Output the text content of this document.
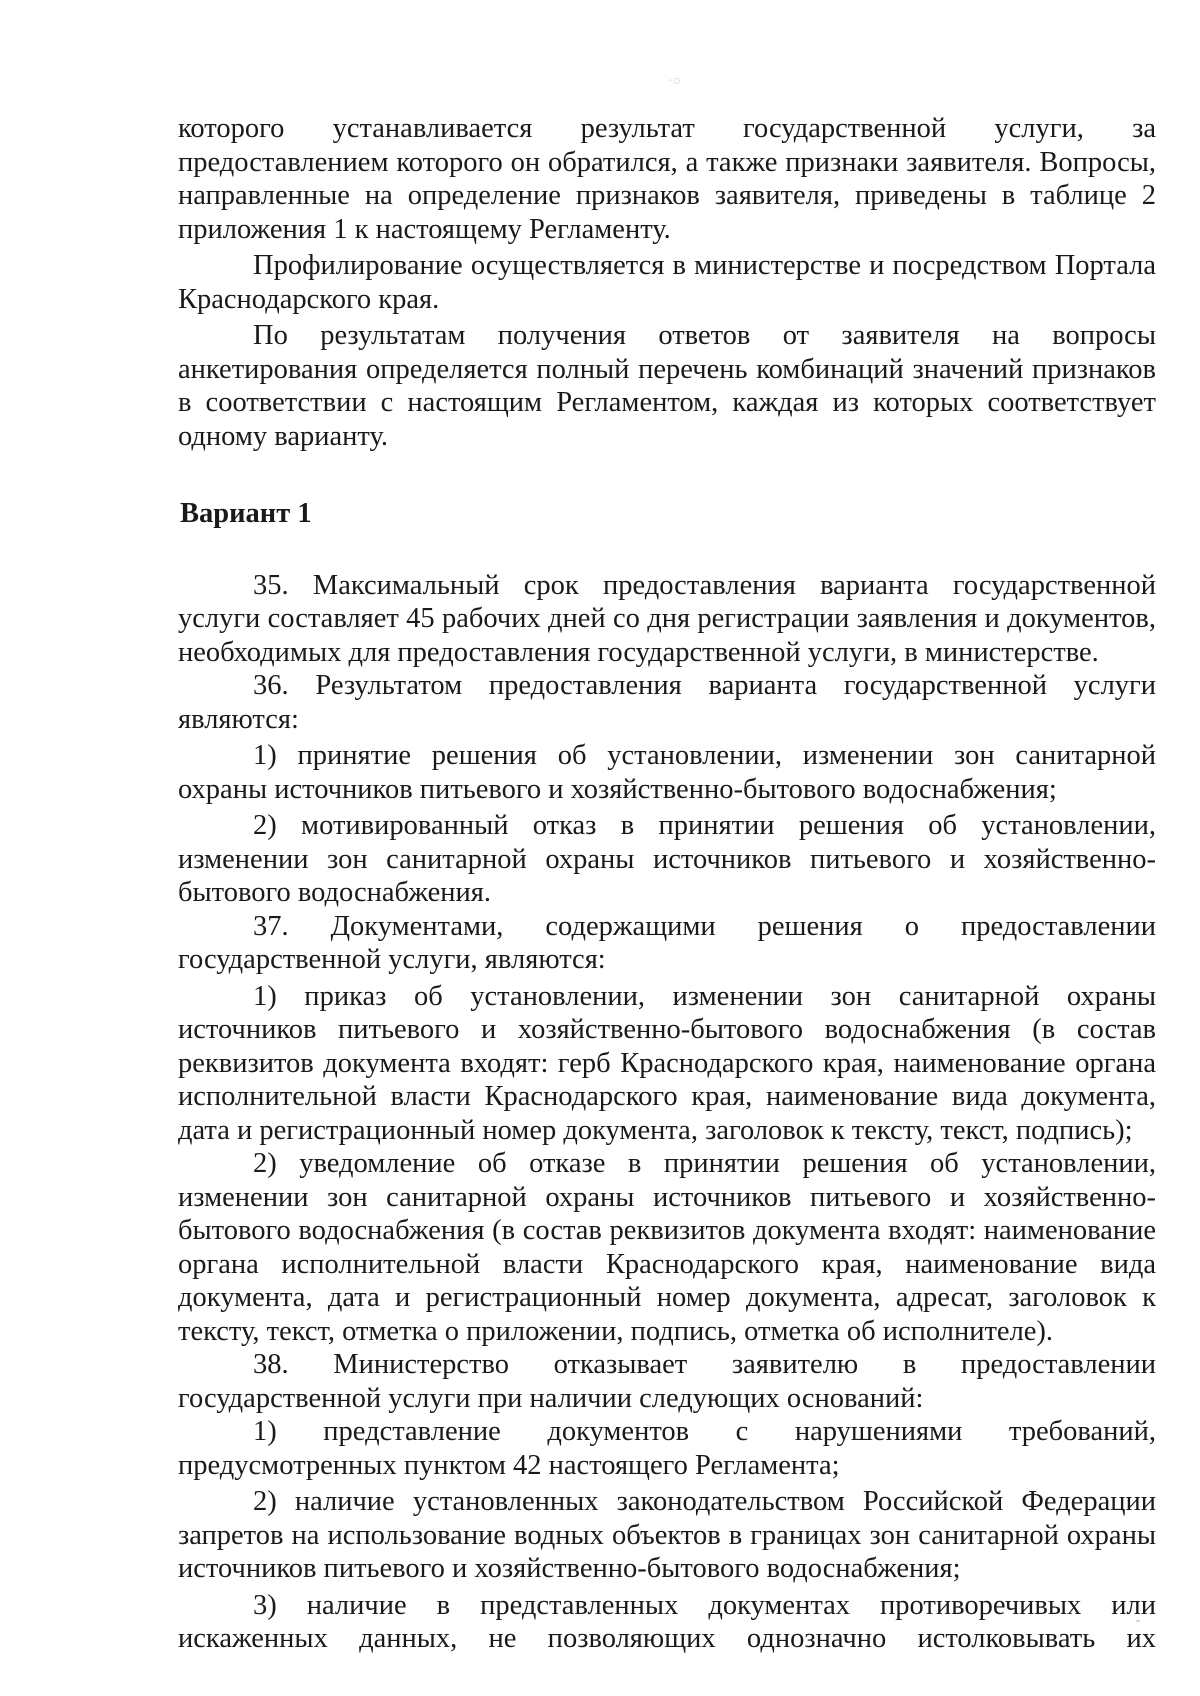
·○

которого устанавливается результат государственной услуги, за предоставлением которого он обратился, а также признаки заявителя. Вопросы, направленные на определение признаков заявителя, приведены в таблице 2 приложения 1 к настоящему Регламенту.

Профилирование осуществляется в министерстве и посредством Портала Краснодарского края.

По результатам получения ответов от заявителя на вопросы анкетирования определяется полный перечень комбинаций значений признаков в соответствии с настоящим Регламентом, каждая из которых соответствует одному варианту.

Вариант 1

35. Максимальный срок предоставления варианта государственной услуги составляет 45 рабочих дней со дня регистрации заявления и документов, необходимых для предоставления государственной услуги, в министерстве.

36. Результатом предоставления варианта государственной услуги являются:

1) принятие решения об установлении, изменении зон санитарной охраны источников питьевого и хозяйственно-бытового водоснабжения;

2) мотивированный отказ в принятии решения об установлении, изменении зон санитарной охраны источников питьевого и хозяйственно-бытового водоснабжения.

37. Документами, содержащими решения о предоставлении государственной услуги, являются:

1) приказ об установлении, изменении зон санитарной охраны источников питьевого и хозяйственно-бытового водоснабжения (в состав реквизитов документа входят: герб Краснодарского края, наименование органа исполнительной власти Краснодарского края, наименование вида документа, дата и регистрационный номер документа, заголовок к тексту, текст, подпись);

2) уведомление об отказе в принятии решения об установлении, изменении зон санитарной охраны источников питьевого и хозяйственно-бытового водоснабжения (в состав реквизитов документа входят: наименование органа исполнительной власти Краснодарского края, наименование вида документа, дата и регистрационный номер документа, адресат, заголовок к тексту, текст, отметка о приложении, подпись, отметка об исполнителе).

38. Министерство отказывает заявителю в предоставлении государственной услуги при наличии следующих оснований:

1) представление документов с нарушениями требований, предусмотренных пунктом 42 настоящего Регламента;

2) наличие установленных законодательством Российской Федерации запретов на использование водных объектов в границах зон санитарной охраны источников питьевого и хозяйственно-бытового водоснабжения;

3) наличие в представленных документах противоречивых или искаженных данных, не позволяющих однозначно истолковывать их
